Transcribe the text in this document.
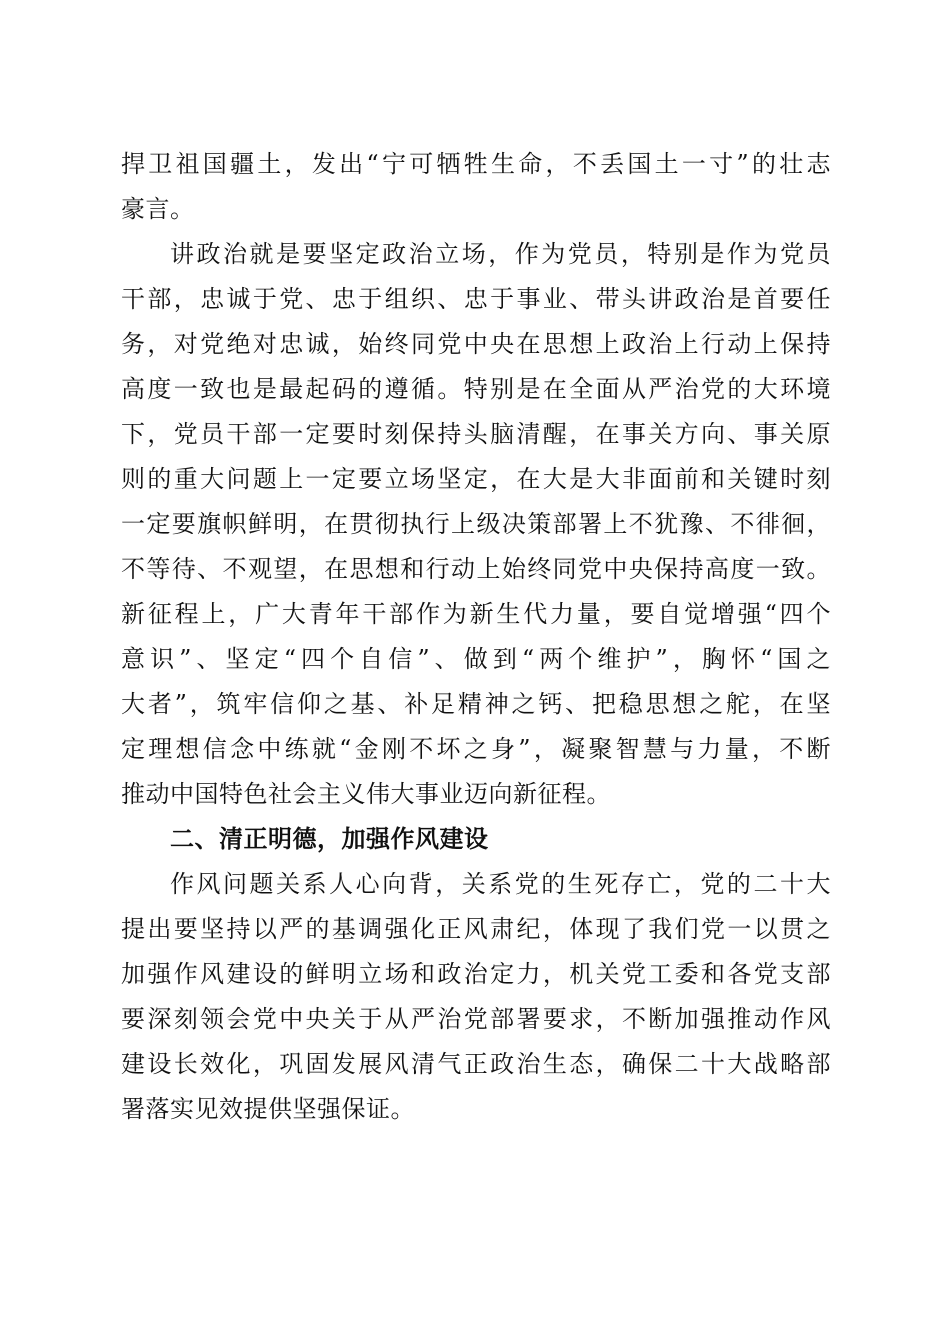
捍卫祖国疆土，发出“宁可牺牲生命，不丢国土一寸”的壮志
豪言。
讲政治就是要坚定政治立场，作为党员，特别是作为党员
干部，忠诚于党、忠于组织、忠于事业、带头讲政治是首要任
务，对党绝对忠诚，始终同党中央在思想上政治上行动上保持
高度一致也是最起码的遵循。特别是在全面从严治党的大环境
下，党员干部一定要时刻保持头脑清醒，在事关方向、事关原
则的重大问题上一定要立场坚定，在大是大非面前和关键时刻
一定要旗帜鲜明，在贯彻执行上级决策部署上不犹豫、不徘徊，
不等待、不观望，在思想和行动上始终同党中央保持高度一致。
新征程上，广大青年干部作为新生代力量，要自觉增强“四个
意识”、坚定“四个自信”、做到“两个维护”，胸怀“国之
大者”，筑牢信仰之基、补足精神之钙、把稳思想之舵，在坚
定理想信念中练就“金刚不坏之身”，凝聚智慧与力量，不断
推动中国特色社会主义伟大事业迈向新征程。
二、清正明德，加强作风建设
作风问题关系人心向背，关系党的生死存亡，党的二十大
提出要坚持以严的基调强化正风肃纪，体现了我们党一以贯之
加强作风建设的鲜明立场和政治定力，机关党工委和各党支部
要深刻领会党中央关于从严治党部署要求，不断加强推动作风
建设长效化，巩固发展风清气正政治生态，确保二十大战略部
署落实见效提供坚强保证。
